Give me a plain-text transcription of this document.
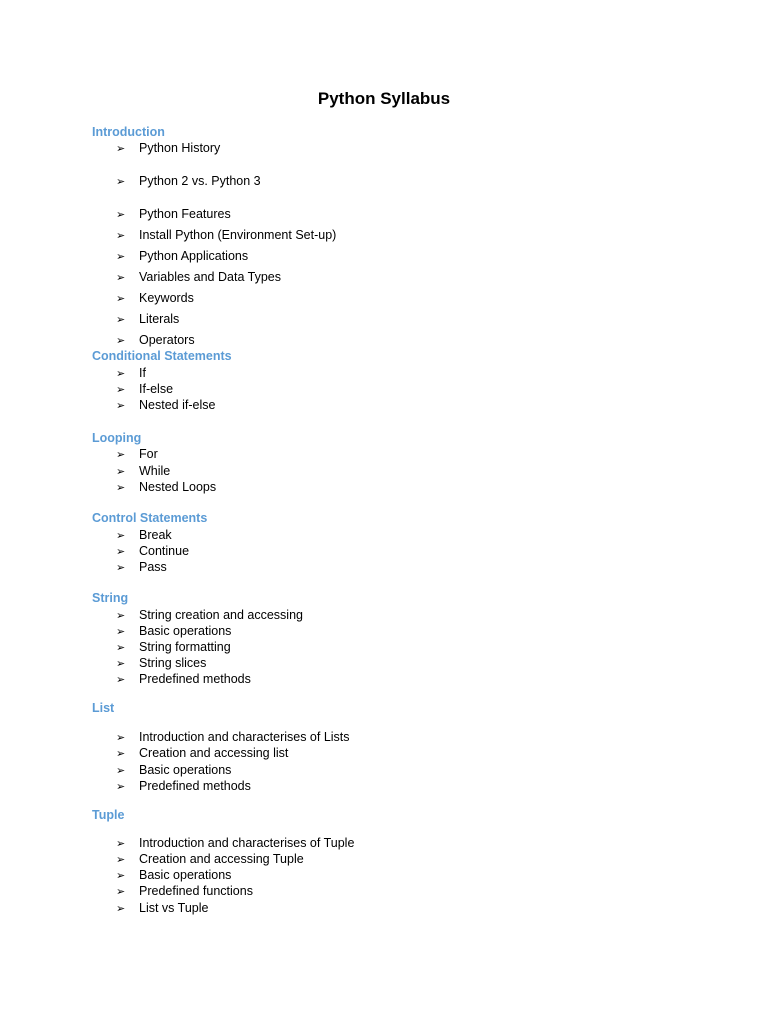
Python Syllabus
Introduction
➢ Python History
➢ Python 2 vs. Python 3
➢ Python Features
➢ Install Python (Environment Set-up)
➢ Python Applications
➢ Variables and Data Types
➢ Keywords
➢ Literals
➢ Operators
Conditional Statements
➢ If
➢ If-else
➢ Nested if-else
Looping
➢ For
➢ While
➢ Nested Loops
Control Statements
➢ Break
➢ Continue
➢ Pass
String
➢ String creation and accessing
➢ Basic operations
➢ String formatting
➢ String slices
➢ Predefined methods
List
➢ Introduction and characterises of Lists
➢ Creation and accessing list
➢ Basic operations
➢ Predefined methods
Tuple
➢ Introduction and characterises of Tuple
➢ Creation and accessing Tuple
➢ Basic operations
➢ Predefined functions
➢ List vs Tuple
